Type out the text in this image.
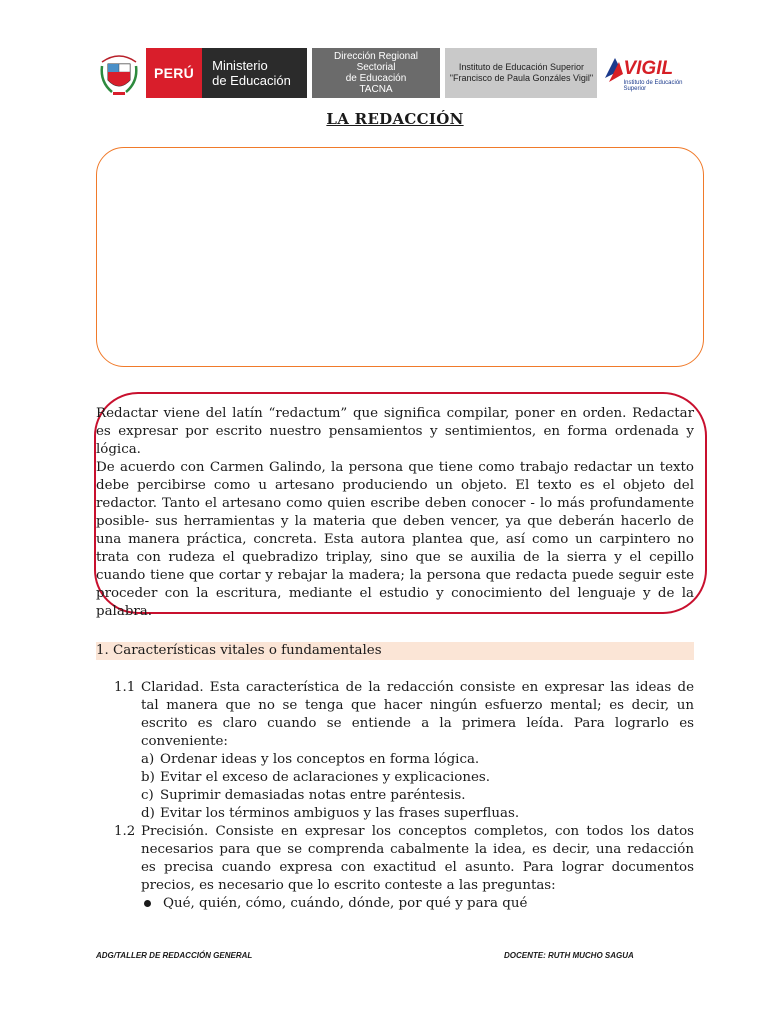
PERÚ	Ministerio
de Educación
Dirección Regional Sectorial
de Educación
TACNA
Instituto de Educación Superior
"Francisco de Paula Gonzáles Vigil" VIGIL
Instituto de Educación Superior
LA REDACCIÓN

Redactar viene del latín “redactum” que significa compilar, poner en orden. Redactar es expresar por escrito nuestro pensamientos y sentimientos, en forma ordenada y lógica.

De acuerdo con Carmen Galindo, la persona que tiene como trabajo redactar un texto debe percibirse como u artesano produciendo un objeto. El texto es el objeto del redactor. Tanto el artesano como quien escribe deben conocer - lo más profundamente posible- sus herramientas y la materia que deben vencer, ya que deberán hacerlo de una manera práctica, concreta. Esta autora plantea que, así como un carpintero no trata con rudeza el quebradizo triplay, sino que se auxilia de la sierra y el cepillo cuando tiene que cortar y rebajar la madera; la persona que redacta puede seguir este proceder con la escritura, mediante el estudio y conocimiento del lenguaje y de la palabra.

1. Características vitales o fundamentales
1.1 Claridad. Esta característica de la redacción consiste en expresar las ideas de tal manera que no se tenga que hacer ningún esfuerzo mental; es decir, un escrito es claro cuando se entiende a la primera leída. Para lograrlo es conveniente:

a) Ordenar ideas y los conceptos en forma lógica.
b) Evitar el exceso de aclaraciones y explicaciones.
c) Suprimir demasiadas notas entre paréntesis.
d) Evitar los términos ambiguos y las frases superfluas.
1.2 Precisión. Consiste en expresar los conceptos completos, con todos los datos necesarios para que se comprenda cabalmente la idea, es decir, una redacción es precisa cuando expresa con exactitud el asunto. Para lograr documentos precios, es necesario que lo escrito conteste a las preguntas:

Qué, quién, cómo, cuándo, dónde, por qué y para qué
ADG/TALLER DE REDACCIÓN GENERAL	DOCENTE: RUTH MUCHO SAGUA
